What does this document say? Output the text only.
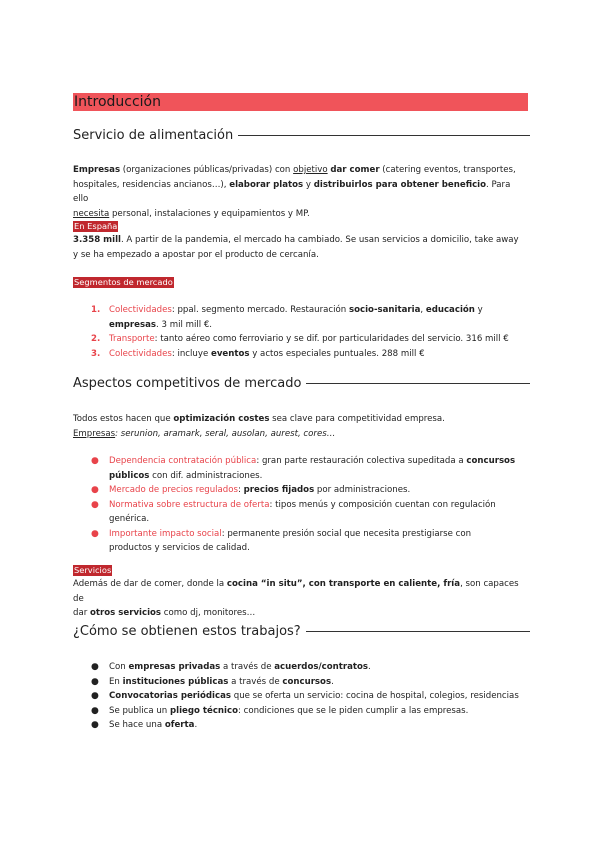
Introducción
Servicio de alimentación
Empresas (organizaciones públicas/privadas) con objetivo dar comer (catering eventos, transportes,
hospitales, residencias ancianos…), elaborar platos y distribuirlos para obtener beneficio. Para ello
necesita personal, instalaciones y equipamientos y MP.
En España
3.358 mill. A partir de la pandemia, el mercado ha cambiado. Se usan servicios a domicilio, take away
y se ha empezado a apostar por el producto de cercanía.
Segmentos de mercado
1. Colectividades: ppal. segmento mercado. Restauración socio-sanitaria, educación y
empresas. 3 mil mill €.
2. Transporte: tanto aéreo como ferroviario y se dif. por particularidades del servicio. 316 mill €
3. Colectividades: incluye eventos y actos especiales puntuales. 288 mill €
Aspectos competitivos de mercado
Todos estos hacen que optimización costes sea clave para competitividad empresa.
Empresas: serunion, aramark, seral, ausolan, aurest, cores…
● Dependencia contratación pública: gran parte restauración colectiva supeditada a concursos
públicos con dif. administraciones.
● Mercado de precios regulados: precios fijados por administraciones.
● Normativa sobre estructura de oferta: tipos menús y composición cuentan con regulación
genérica.
● Importante impacto social: permanente presión social que necesita prestigiarse con
productos y servicios de calidad.
Servicios
Además de dar de comer, donde la cocina “in situ”, con transporte en caliente, fría, son capaces de
dar otros servicios como dj, monitores…
¿Cómo se obtienen estos trabajos?
● Con empresas privadas a través de acuerdos/contratos.
● En instituciones públicas a través de concursos.
● Convocatorias periódicas que se oferta un servicio: cocina de hospital, colegios, residencias
● Se publica un pliego técnico: condiciones que se le piden cumplir a las empresas.
● Se hace una oferta.
